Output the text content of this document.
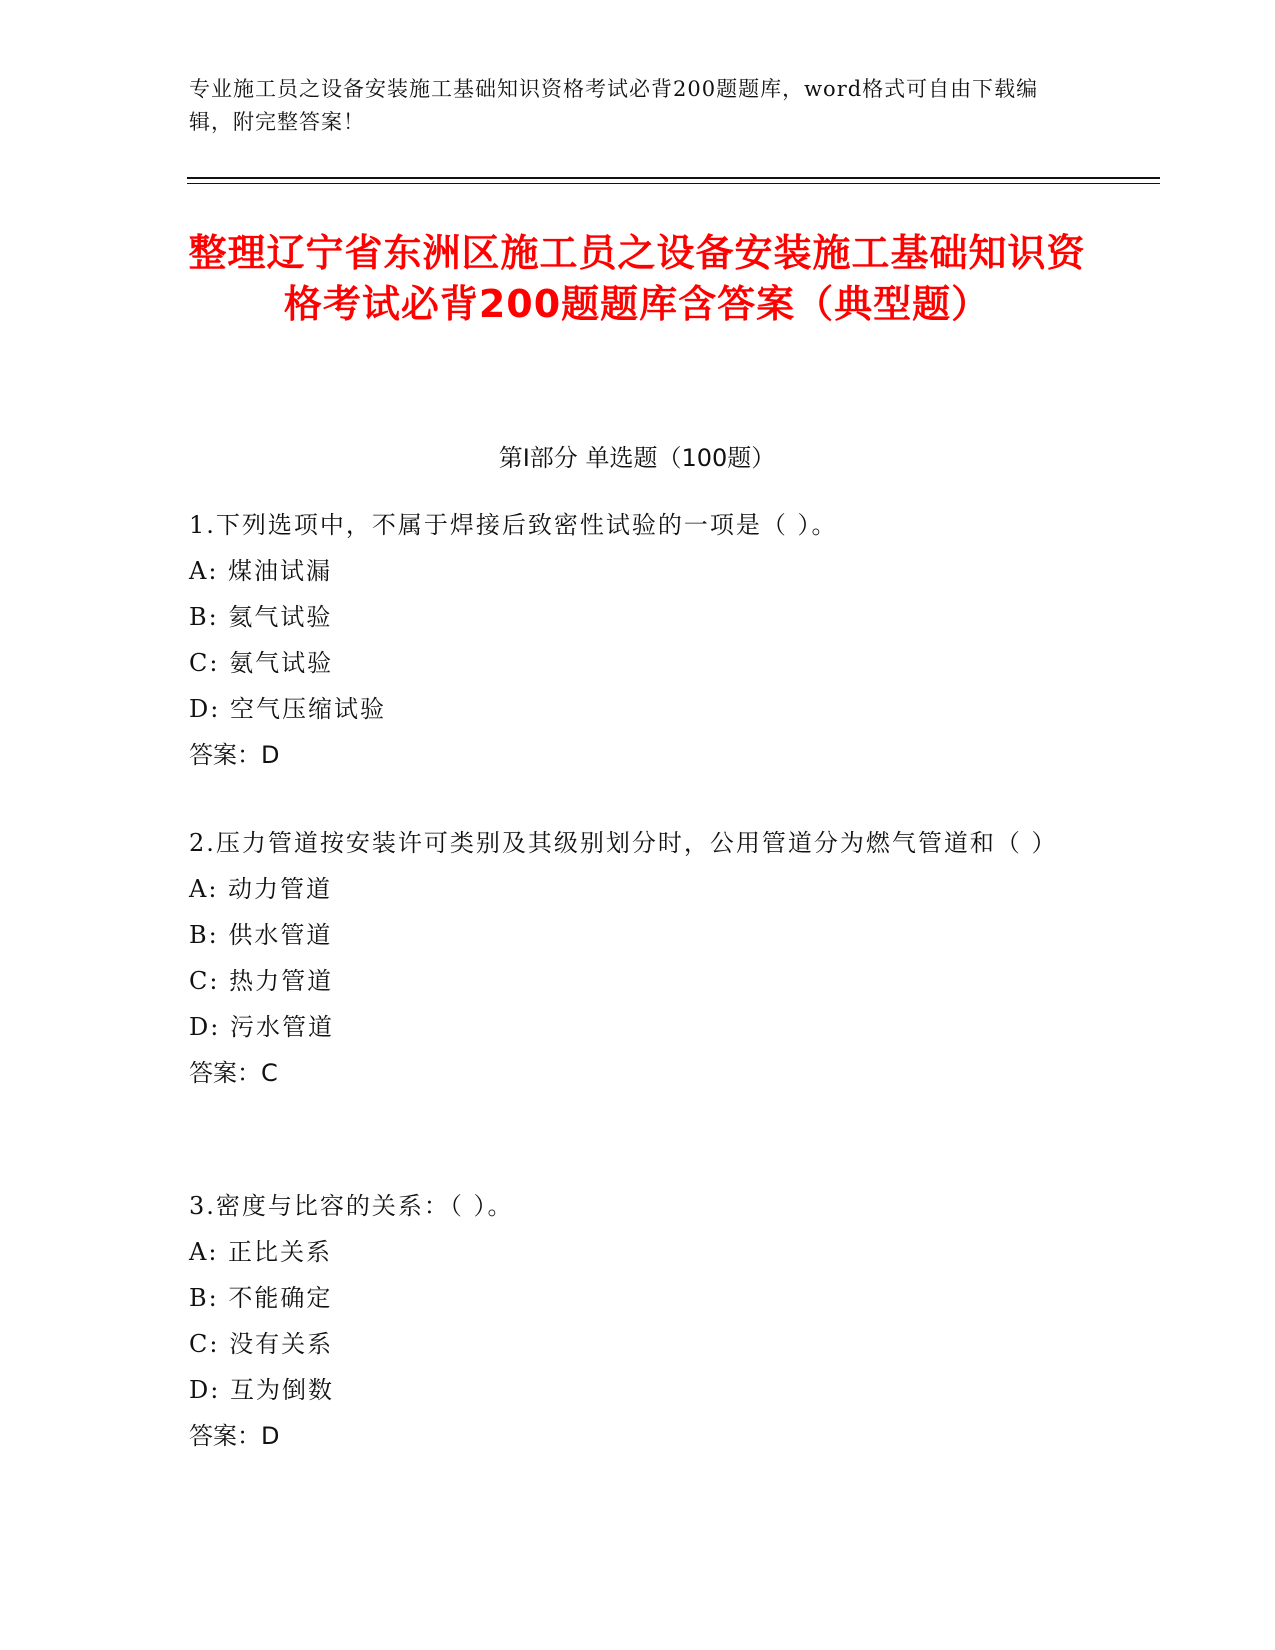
专业施工员之设备安装施工基础知识资格考试必背200题题库，word格式可自由下载编辑，附完整答案！
整理辽宁省东洲区施工员之设备安装施工基础知识资格考试必背200题题库含答案（典型题）
第I部分 单选题（100题）

1.下列选项中，不属于焊接后致密性试验的一项是（ ）。

A: 煤油试漏

B: 氦气试验

C: 氨气试验

D: 空气压缩试验

答案：D

2.压力管道按安装许可类别及其级别划分时，公用管道分为燃气管道和（ ）

A: 动力管道

B: 供水管道

C: 热力管道

D: 污水管道

答案：C

3.密度与比容的关系：（ ）。

A: 正比关系

B: 不能确定

C: 没有关系

D: 互为倒数

答案：D
